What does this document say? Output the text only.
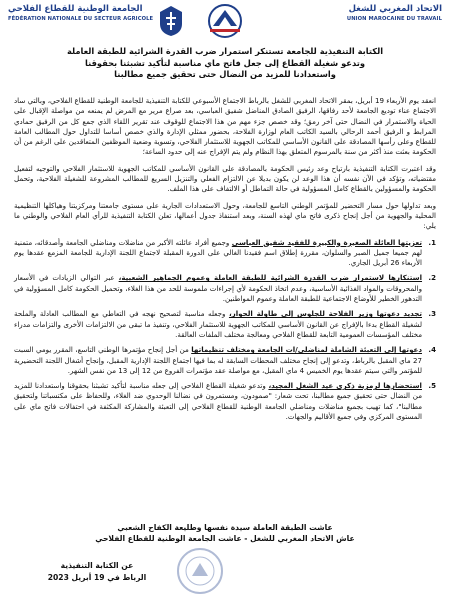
الجامعة الوطنية للقطاع الفلاحي
FÉDÉRATION NATIONALE DU SECTEUR AGRICOLE
الاتحاد المغربي للشغل
UNION MAROCAINE DU TRAVAIL
الكتابة التنفيذية للجامعة تستنكر استمرار ضرب القدرة الشرائية للطبقة العاملة
وتدعو شغيلة القطاع إلى جعل فاتح ماي مناسبة لتأكيد تشبثنا بحقوقنا
واستعدادنا للمزيد من النضال حتى تحقيق جميع مطالبنا

انعقد يوم الأربعاء 19 أبريل، بمقر الاتحاد المغربي للشغل بالرباط الاجتماع الأسبوعي للكتابة التنفيذية للجامعة الوطنية للقطاع الفلاحي، وبالتي ساد الاجتماع عناء توديع الجامعة لأحد رفاقها، الرفيق الصادق المناضل شفيق العباسي، بعد صراع مرير مع المرض لم يمنعه من مواصلة الإقبال على الحياة والاستمرار في النضال حتى آخر رمق؛ وقد خصص جزء مهم من هذا الاجتماع للوقوف عند تقرير اللقاء الذي جمع كل من الرفيق حمادي المرابط و الرفيق أحمد الرحالي بالسيد الكاتب العام لوزارة الفلاحة، بحضور ممثلي الإدارة والذي خصص أساسا للتداول حول المطالب العامة للقطاع وعلى رأسها المصادقة على القانون الأساسي للمكاتب الجهوية للاستثمار الفلاحي، وتسوية وضعية الموظفين المتعاقدين على الرغم من أن الحكومة بعثت منذ أكثر من سنة بالمرسوم المتعلق بهذا النظام ولم يتم الإفراج عنه إلى حدود الساعة؛

وقد اعتبرت الكتابة التنفيذية بارتياح وعد رئيس الحكومة بالمصادقة على القانون الأساسي للمكاتب الجهوية للاستثمار الفلاحي والتوجيه لتفعيل مقتضياته، وتؤكد في الآن نفسه أن هذا الوعد لن يكون بديلا عن الالتزام الفعلي والتنزيل السريع للمطالب المشروعة للشغيلة الفلاحية، وتحمل الحكومة والمسؤولين بالقطاع كامل المسؤولية في حالة التماطل أو الالتفاف على هذا الملف.

وبعد تداولها حول مسار التحضير للمؤتمر الوطني التاسع للجامعة، وحول الاستعدادات الجارية على مستوى جامعتنا ومركزيتنا وهياكلها التنظيمية المحلية والجهوية من أجل إنجاح ذكرى فاتح ماي لهذه السنة، وبعد استنفاذ جدول أعمالها، تعلن الكتابة التنفيذية للرأي العام الفلاحي والوطني ما يلي:

1.
تعزيتها العائلة الصغيرة والكبيرة للفقيد شفيق العباسي وجميع أفراد عائلته الأكبر من مناضلات ومناضلي الجامعة وأصدقائه، متمنية لهم جميعا جميل الصبر والسلوان، مقررة إطلاق اسم فقيدنا الغالي على الدورة المقبلة لاجتماع اللجنة الإدارية للجامعة المزمع عقدها يوم الأربعاء 26 أبريل الجاري.
2.
استنكارها لاستمرار ضرب القدرة الشرائية للطبقة العاملة وعموم الجماهير الشعبية، عبر التوالي الزيادات في الأسعار والمحروقات والمواد الغذائية الأساسية، وعدم اتخاذ الحكومة لأي إجراءات ملموسة للحد من هذا الغلاء، وتحميل الحكومة كامل المسؤولية في التدهور الخطير للأوضاع الاجتماعية للطبقة العاملة وعموم المواطنين.
3.
تجديد دعوتها وزير الفلاحة للجلوس إلى طاولة الحوار، وجعله مناسبة لتصحيح نهجه في التعاطي مع المطالب العادلة والملحة لشغيلة القطاع بدءا بالإفراج عن القانون الأساسي للمكاتب الجهوية للاستثمار الفلاحي، وتنفيذ ما تبقى من الالتزامات الأخرى والتزامات مدراء مختلف المؤسسات العمومية التابعة للقطاع الفلاحي ومعالجة مختلف الملفات العالقة.
4.
دعوتها إلى التعبئة الشاملة لمناضلي/ات الجامعة ومختلف تنظيماتها من أجل إنجاح مؤتمرها الوطني التاسع، المقرر يومي السبت 27 ماي المقبل بالرباط، وتدعو إلى إنجاح مختلف المحطات السابقة له بما فيها اجتماع اللجنة الإدارية المقبل، وإنجاح أشغال اللجنة التحضيرية للمؤتمر والتي سيتم عقدها يوم الخميس 4 ماي المقبل، مع مواصلة عقد مؤتمرات الفروع من 12 إلى 13 من نفس الشهر.
5.
استحضارها لرمزية ذكرى عيد الشغل المجيد، وتدعو شغيلة القطاع الفلاحي إلى جعله مناسبة لتأكيد تشبثنا بحقوقنا واستعدادنا للمزيد من النضال حتى تحقيق جميع مطالبنا، تحت شعار: "صمودون، ومستمرون في نضالنا الوحدوي ضد الغلاء، وللحفاظ على مكتسباتنا ولتحقيق مطالبنا"، كما تهيب بجميع مناضلات ومناضلي الجامعة الوطنية للقطاع الفلاحي إلى التعبئة والمشاركة المكثفة في احتفالات فاتح ماي على المستوى المركزي وفي جميع الأقاليم والجهات.
عاشت الطبقة العاملة سيدة نفسها وطليعة الكفاح الشعبي
عاش الاتحاد المغربي للشغل - عاشت الجامعة الوطنية للقطاع الفلاحي
عن الكتابة التنفيذية
الرباط في 19 أبريل 2023
